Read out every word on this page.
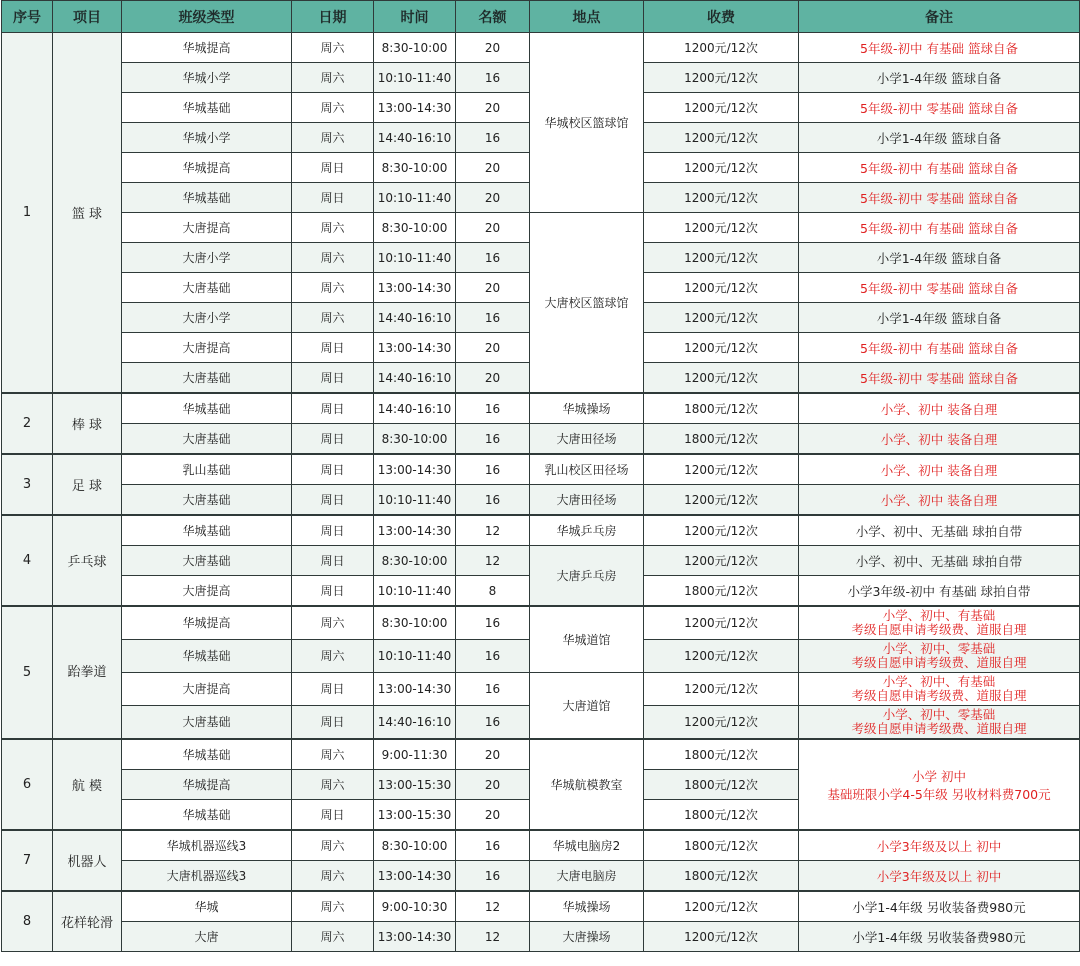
序号	项目	班级类型	日期	时间	名额	地点	收费	备注
1	篮 球	华城提高	周六	8:30-10:00	20	华城校区篮球馆	1200元/12次	5年级-初中 有基础 篮球自备
		华城小学	周六	10:10-11:40	16		1200元/12次	小学1-4年级 篮球自备
		华城基础	周六	13:00-14:30	20		1200元/12次	5年级-初中 零基础 篮球自备
		华城小学	周六	14:40-16:10	16		1200元/12次	小学1-4年级 篮球自备
		华城提高	周日	8:30-10:00	20		1200元/12次	5年级-初中 有基础 篮球自备
		华城基础	周日	10:10-11:40	20		1200元/12次	5年级-初中 零基础 篮球自备
		大唐提高	周六	8:30-10:00	20	大唐校区篮球馆	1200元/12次	5年级-初中 有基础 篮球自备
		大唐小学	周六	10:10-11:40	16		1200元/12次	小学1-4年级 篮球自备
		大唐基础	周六	13:00-14:30	20		1200元/12次	5年级-初中 零基础 篮球自备
		大唐小学	周六	14:40-16:10	16		1200元/12次	小学1-4年级 篮球自备
		大唐提高	周日	13:00-14:30	20		1200元/12次	5年级-初中 有基础 篮球自备
		大唐基础	周日	14:40-16:10	20		1200元/12次	5年级-初中 零基础 篮球自备
2	棒 球	华城基础	周日	14:40-16:10	16	华城操场	1800元/12次	小学、初中 装备自理
		大唐基础	周日	8:30-10:00	16	大唐田径场	1800元/12次	小学、初中 装备自理
3	足 球	乳山基础	周日	13:00-14:30	16	乳山校区田径场	1200元/12次	小学、初中 装备自理
		大唐基础	周日	10:10-11:40	16	大唐田径场	1200元/12次	小学、初中 装备自理
4	乒乓球	华城基础	周日	13:00-14:30	12	华城乒乓房	1200元/12次	小学、初中、无基础 球拍自带
		大唐基础	周日	8:30-10:00	12	大唐乒乓房	1200元/12次	小学、初中、无基础 球拍自带
		大唐提高	周日	10:10-11:40	8		1800元/12次	小学3年级-初中 有基础 球拍自带
5	跆拳道	华城提高	周六	8:30-10:00	16	华城道馆	1200元/12次	小学、初中、有基础
考级自愿申请考级费、道服自理

		华城基础	周六	10:10-11:40	16		1200元/12次	小学、初中、零基础
考级自愿申请考级费、道服自理

		大唐提高	周日	13:00-14:30	16	大唐道馆	1200元/12次	小学、初中、有基础
考级自愿申请考级费、道服自理

		大唐基础	周日	14:40-16:10	16		1200元/12次	小学、初中、零基础
考级自愿申请考级费、道服自理

6	航 模	华城基础	周六	9:00-11:30	20	华城航模教室	1800元/12次	小学 初中
基础班限小学4-5年级 另收材料费700元

		华城提高	周六	13:00-15:30	20		1800元/12次	
		华城基础	周日	13:00-15:30	20		1800元/12次	
7	机器人	华城机器巡线3	周六	8:30-10:00	16	华城电脑房2	1800元/12次	小学3年级及以上 初中
		大唐机器巡线3	周六	13:00-14:30	16	大唐电脑房	1800元/12次	小学3年级及以上 初中
8	花样轮滑	华城	周六	9:00-10:30	12	华城操场	1200元/12次	小学1-4年级 另收装备费980元
		大唐	周六	13:00-14:30	12	大唐操场	1200元/12次	小学1-4年级 另收装备费980元
